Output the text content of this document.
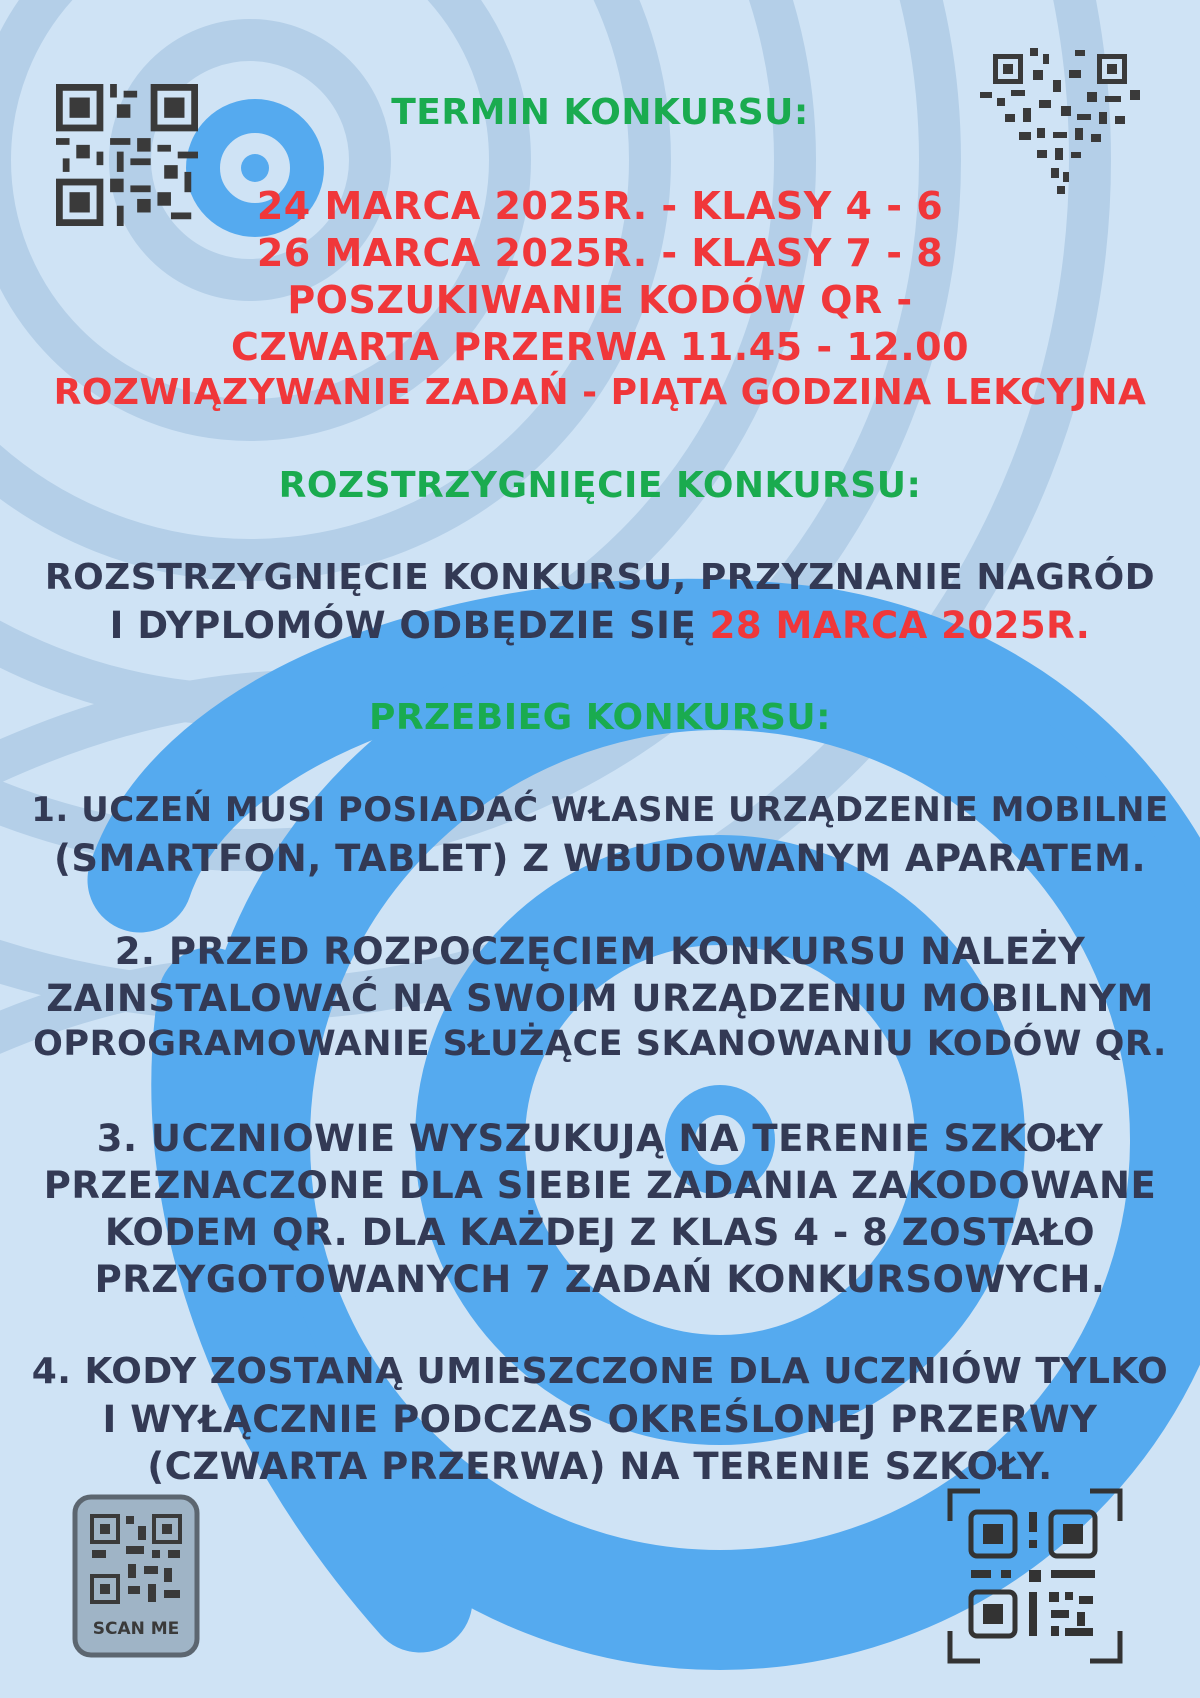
SCAN ME
TERMIN KONKURSU:
24 MARCA 2025R. - KLASY 4 - 6
26 MARCA 2025R. - KLASY 7 - 8
POSZUKIWANIE KODÓW QR -
CZWARTA PRZERWA 11.45 - 12.00
ROZWIĄZYWANIE ZADAŃ - PIĄTA GODZINA LEKCYJNA
ROZSTRZYGNIĘCIE KONKURSU:
ROZSTRZYGNIĘCIE KONKURSU, PRZYZNANIE NAGRÓD
I DYPLOMÓW ODBĘDZIE SIĘ 28 MARCA 2025R.
PRZEBIEG KONKURSU:
1. UCZEŃ MUSI POSIADAĆ WŁASNE URZĄDZENIE MOBILNE
(SMARTFON, TABLET) Z WBUDOWANYM APARATEM.
2. PRZED ROZPOCZĘCIEM KONKURSU NALEŻY
ZAINSTALOWAĆ NA SWOIM URZĄDZENIU MOBILNYM
OPROGRAMOWANIE SŁUŻĄCE SKANOWANIU KODÓW QR.
3. UCZNIOWIE WYSZUKUJĄ NA TERENIE SZKOŁY
PRZEZNACZONE DLA SIEBIE ZADANIA ZAKODOWANE
KODEM QR. DLA KAŻDEJ Z KLAS 4 - 8 ZOSTAŁO
PRZYGOTOWANYCH 7 ZADAŃ KONKURSOWYCH.
4. KODY ZOSTANĄ UMIESZCZONE DLA UCZNIÓW TYLKO
I WYŁĄCZNIE PODCZAS OKREŚLONEJ PRZERWY
(CZWARTA PRZERWA) NA TERENIE SZKOŁY.
